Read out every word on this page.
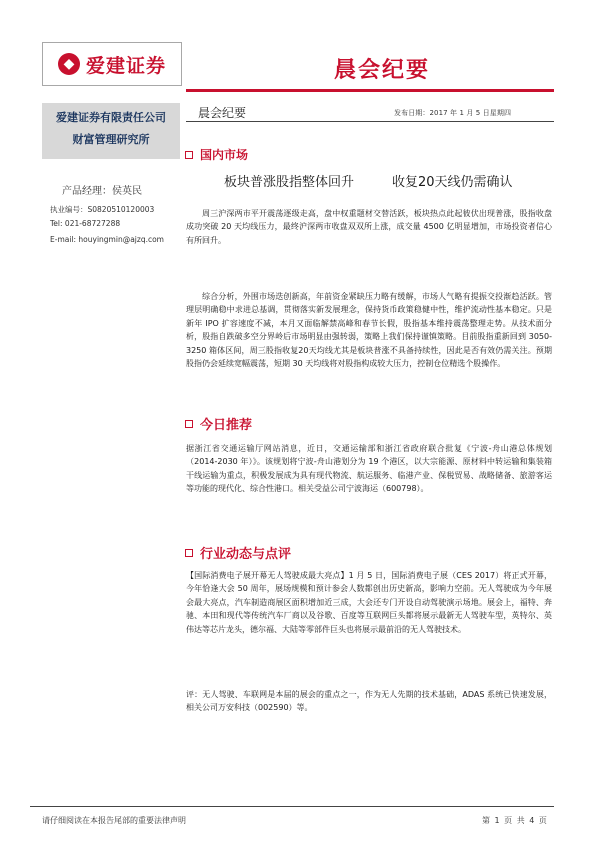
◆ 爱建证券	晨会纪要
爱建证券有限责任公司
财富管理研究所
产品经理：侯英民
执业编号：S0820510120003
Tel: 021-68727288
E-mail: houyingmin@ajzq.com
晨会纪要	发布日期：2017 年 1 月 5 日星期四
国内市场
板块普涨股指整体回升	收复20天线仍需确认
周三沪深两市平开震荡逐级走高，盘中权重题材交替活跃，板块热点此起彼伏出现普涨，股指收盘成功突破 20 天均线压力，最终沪深两市收盘双双所上涨，成交量 4500 亿明显增加，市场投资者信心有所回升。
综合分析，外围市场迭创新高，年前资金紧缺压力略有缓解，市场人气略有提振交投渐趋活跃。管理层明确稳中求进总基调，贯彻落实新发展理念，保持货币政策稳健中性，维护流动性基本稳定。只是新年 IPO 扩容速度不减，本月又面临解禁高峰和春节长假，股指基本维持震荡整理走势。从技术面分析，股指自跌破多空分界岭后市场明显由强转弱，策略上我们保持谨慎策略。目前股指重新回到 3050-3250 箱体区间，周三股指收复20天均线尤其是板块普涨不具备持续性，因此是否有效仍需关注。预期股指仍会延续宽幅震荡，短期 30 天均线将对股指构成较大压力，控制仓位精选个股操作。
今日推荐
据浙江省交通运输厅网站消息，近日，交通运输部和浙江省政府联合批复《宁波-舟山港总体规划（2014-2030 年）》。该规划将宁波-舟山港划分为 19 个港区，以大宗能源、原材料中转运输和集装箱干线运输为重点，积极发展成为具有现代物流、航运服务、临港产业、保税贸易、战略储备、旅游客运等功能的现代化、综合性港口。相关受益公司宁波海运（600798）。
行业动态与点评
【国际消费电子展开幕无人驾驶成最大亮点】1 月 5 日，国际消费电子展（CES 2017）将正式开幕，今年恰逢大会 50 周年，展场规模和预计参会人数都创出历史新高，影响力空前。无人驾驶成为今年展会最大亮点，汽车制造商展区面积增加近三成，大会还专门开设自动驾驶演示场地。展会上，福特、奔驰、本田和现代等传统汽车厂商以及谷歌、百度等互联网巨头都将展示最新无人驾驶车型，英特尔、英伟达等芯片龙头，德尔福、大陆等零部件巨头也将展示最前沿的无人驾驶技术。
评：无人驾驶、车联网是本届的展会的重点之一，作为无人先期的技术基础，ADAS 系统已快速发展，相关公司万安科技（002590）等。
请仔细阅读在本报告尾部的重要法律声明	第 1 页 共 4 页
